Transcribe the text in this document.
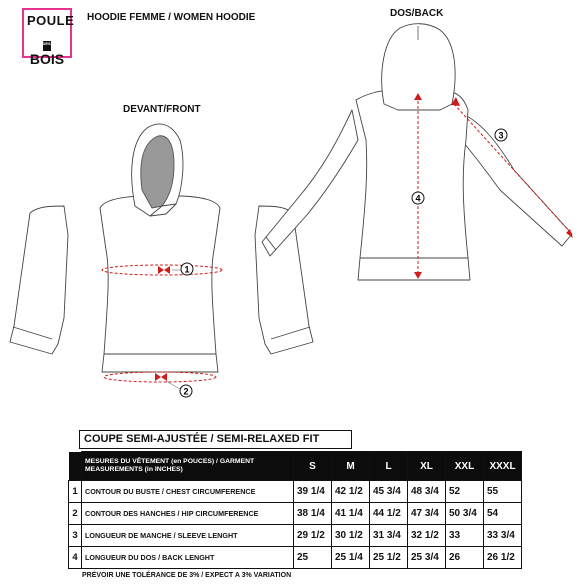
POULE
DESBOIS
HOODIE FEMME / WOMEN HOODIE	DOS/BACK
DEVANT/FRONT
1
2
3
4
COUPE SEMI-AJUSTÉE / SEMI-RELAXED FIT
	MESURES DU VÊTEMENT (en POUCES) / GARMENT MEASUREMENTS (in INCHES)	S	M	L	XL	XXL	XXXL
1	CONTOUR DU BUSTE / CHEST CIRCUMFERENCE	39 1/4	42 1/2	45 3/4	48 3/4	52	55
2	CONTOUR DES HANCHES / HIP CIRCUMFERENCE	38 1/4	41 1/4	44 1/2	47 3/4	50 3/4	54
3	LONGUEUR DE MANCHE / SLEEVE LENGHT	29 1/2	30 1/2	31 3/4	32 1/2	33	33 3/4
4	LONGUEUR DU DOS / BACK LENGHT	25	25 1/4	25 1/2	25 3/4	26	26 1/2
PRÉVOIR UNE TOLÉRANCE DE 3% / EXPECT A 3% VARIATION
